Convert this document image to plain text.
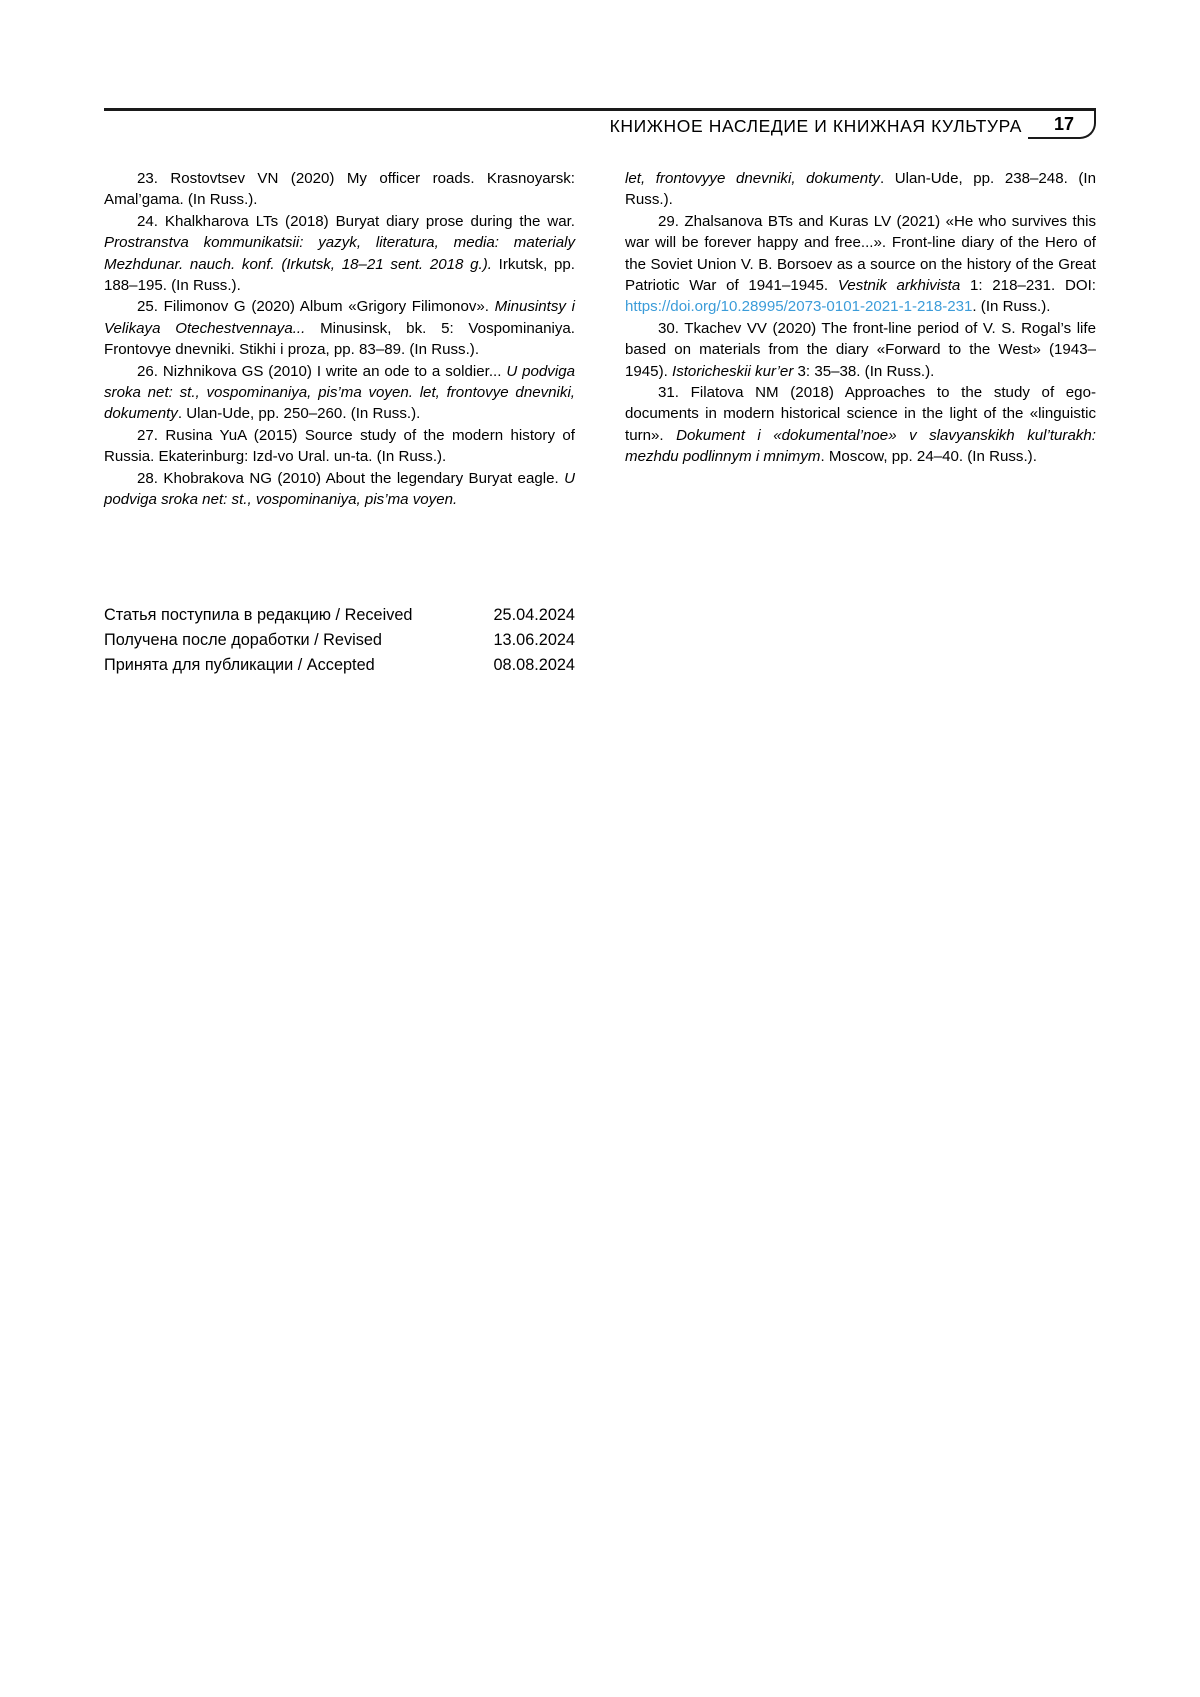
КНИЖНОЕ НАСЛЕДИЕ И КНИЖНАЯ КУЛЬТУРА 17

23. Rostovtsev VN (2020) My officer roads. Krasnoyarsk: Amal’gama. (In Russ.).

24. Khalkharova LTs (2018) Buryat diary prose during the war. Prostranstva kommunikatsii: yazyk, literatura, media: materialy Mezhdunar. nauch. konf. (Irkutsk, 18–21 sent. 2018 g.). Irkutsk, pp. 188–195. (In Russ.).

25. Filimonov G (2020) Album «Grigory Filimonov». Minusintsy i Velikaya Otechestvennaya... Minusinsk, bk. 5: Vospominaniya. Frontovye dnevniki. Stikhi i proza, pp. 83–89. (In Russ.).

26. Nizhnikova GS (2010) I write an ode to a soldier... U podviga sroka net: st., vospominaniya, pis’ma voyen. let, frontovye dnevniki, dokumenty. Ulan-Ude, pp. 250–260. (In Russ.).

27. Rusina YuA (2015) Source study of the modern history of Russia. Ekaterinburg: Izd-vo Ural. un-ta. (In Russ.).

28. Khobrakova NG (2010) About the legendary Buryat eagle. U podviga sroka net: st., vospominaniya, pis’ma voyen.

let, frontovyye dnevniki, dokumenty. Ulan-Ude, pp. 238–248. (In Russ.).

29. Zhalsanova BTs and Kuras LV (2021) «He who survives this war will be forever happy and free...». Front-line diary of the Hero of the Soviet Union V. B. Borsoev as a source on the history of the Great Patriotic War of 1941–1945. Vestnik arkhivista 1: 218–231. DOI: https://doi.org/10.28995/2073-0101-2021-1-218-231. (In Russ.).

30. Tkachev VV (2020) The front-line period of V. S. Rogal’s life based on materials from the diary «Forward to the West» (1943–1945). Istoricheskii kur’er 3: 35–38. (In Russ.).

31. Filatova NM (2018) Approaches to the study of ego-documents in modern historical science in the light of the «linguistic turn». Dokument i «dokumental’noe» v slavyanskikh kul’turakh: mezhdu podlinnym i mnimym. Moscow, pp. 24–40. (In Russ.).

Статья поступила в редакцию / Received	25.04.2024
Получена после доработки / Revised	13.06.2024
Принята для публикации / Accepted	08.08.2024
